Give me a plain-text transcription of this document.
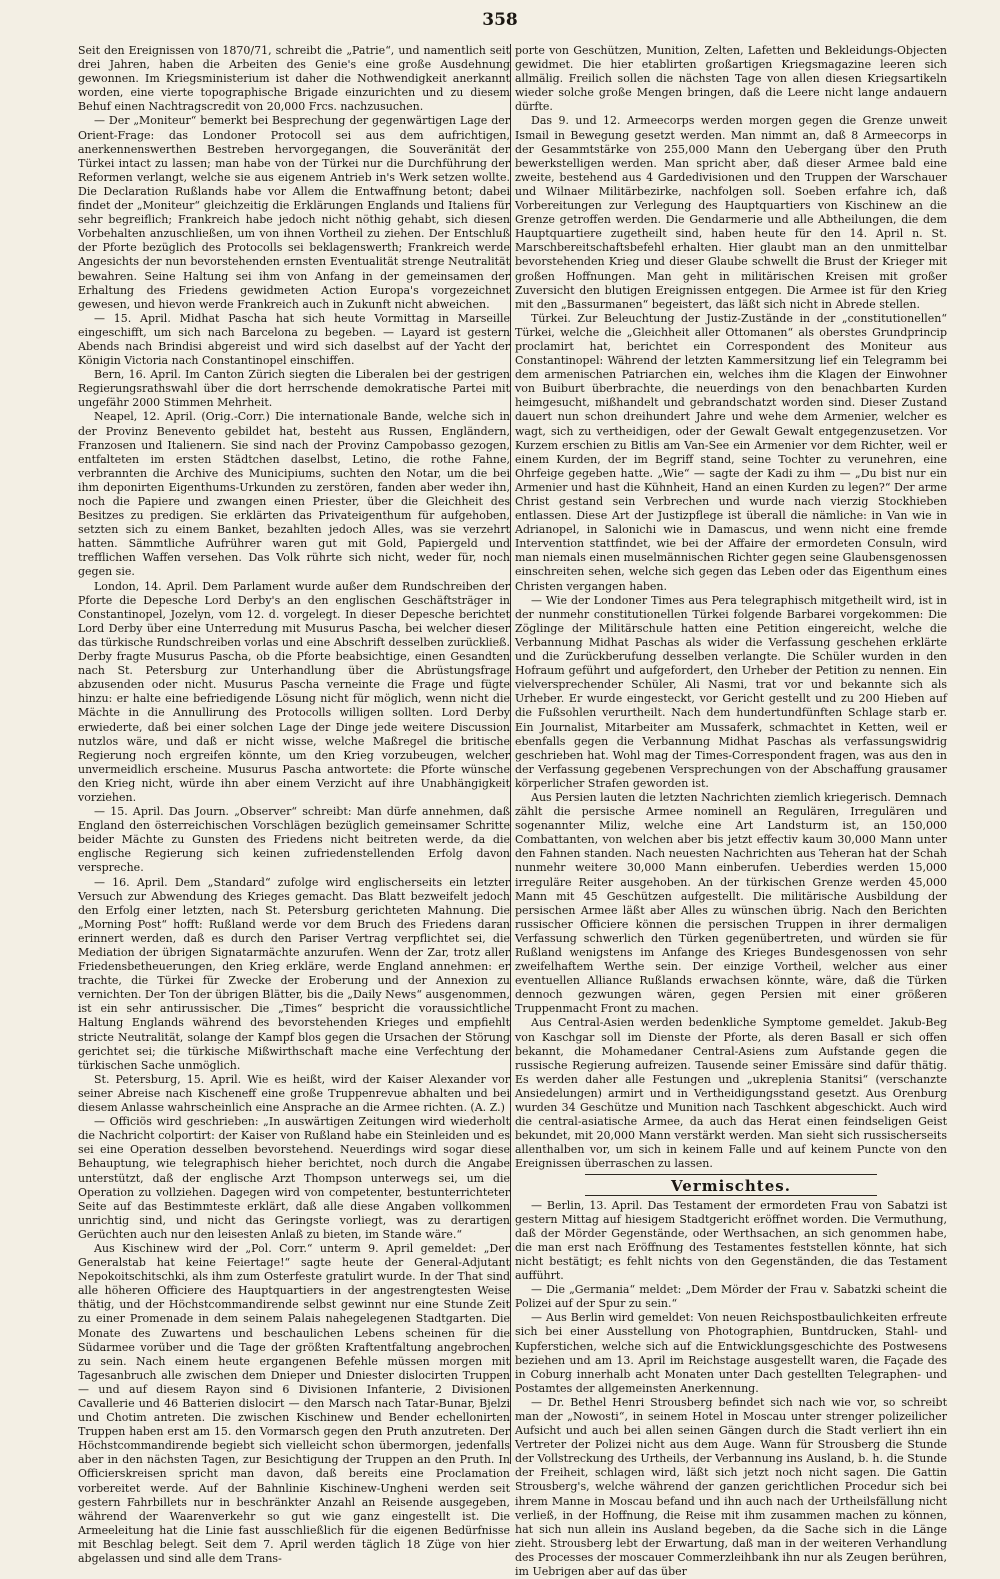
358

Seit den Ereignissen von 1870/71, schreibt die „Patrie“, und namentlich seit drei Jahren, haben die Arbeiten des Genie's eine große Ausdehnung gewonnen. Im Kriegsministerium ist daher die Nothwendigkeit anerkannt worden, eine vierte topographische Brigade einzurichten und zu diesem Behuf einen Nachtragscredit von 20,000 Frcs. nachzusuchen.

— Der „Moniteur“ bemerkt bei Besprechung der gegenwärtigen Lage der Orient-Frage: das Londoner Protocoll sei aus dem aufrichtigen, anerkennenswerthen Bestreben hervorgegangen, die Souveränität der Türkei intact zu lassen; man habe von der Türkei nur die Durchführung der Reformen verlangt, welche sie aus eigenem Antrieb in's Werk setzen wollte. Die Declaration Rußlands habe vor Allem die Entwaffnung betont; dabei findet der „Moniteur“ gleichzeitig die Erklärungen Englands und Italiens für sehr begreiflich; Frankreich habe jedoch nicht nöthig gehabt, sich diesen Vorbehalten anzuschließen, um von ihnen Vortheil zu ziehen. Der Entschluß der Pforte bezüglich des Protocolls sei beklagenswerth; Frankreich werde Angesichts der nun bevorstehenden ernsten Eventualität strenge Neutralität bewahren. Seine Haltung sei ihm von Anfang in der gemeinsamen der Erhaltung des Friedens gewidmeten Action Europa's vorgezeichnet gewesen, und hievon werde Frankreich auch in Zukunft nicht abweichen.

— 15. April. Midhat Pascha hat sich heute Vormittag in Marseille eingeschifft, um sich nach Barcelona zu begeben. — Layard ist gestern Abends nach Brindisi abgereist und wird sich daselbst auf der Yacht der Königin Victoria nach Constantinopel einschiffen.

Bern, 16. April. Im Canton Zürich siegten die Liberalen bei der gestrigen Regierungsrathswahl über die dort herrschende demokratische Partei mit ungefähr 2000 Stimmen Mehrheit.

Neapel, 12. April. (Orig.-Corr.) Die internationale Bande, welche sich in der Provinz Benevento gebildet hat, besteht aus Russen, Engländern, Franzosen und Italienern. Sie sind nach der Provinz Campobasso gezogen, entfalteten im ersten Städtchen daselbst, Letino, die rothe Fahne, verbrannten die Archive des Municipiums, suchten den Notar, um die bei ihm deponirten Eigenthums-Urkunden zu zerstören, fanden aber weder ihn, noch die Papiere und zwangen einen Priester, über die Gleichheit des Besitzes zu predigen. Sie erklärten das Privateigenthum für aufgehoben, setzten sich zu einem Banket, bezahlten jedoch Alles, was sie verzehrt hatten. Sämmtliche Aufrührer waren gut mit Gold, Papiergeld und trefflichen Waffen versehen. Das Volk rührte sich nicht, weder für, noch gegen sie.

London, 14. April. Dem Parlament wurde außer dem Rundschreiben der Pforte die Depesche Lord Derby's an den englischen Geschäftsträger in Constantinopel, Jozelyn, vom 12. d. vorgelegt. In dieser Depesche berichtet Lord Derby über eine Unterredung mit Musurus Pascha, bei welcher dieser das türkische Rundschreiben vorlas und eine Abschrift desselben zurückließ. Derby fragte Musurus Pascha, ob die Pforte beabsichtige, einen Gesandten nach St. Petersburg zur Unterhandlung über die Abrüstungsfrage abzusenden oder nicht. Musurus Pascha verneinte die Frage und fügte hinzu: er halte eine befriedigende Lösung nicht für möglich, wenn nicht die Mächte in die Annullirung des Protocolls willigen sollten. Lord Derby erwiederte, daß bei einer solchen Lage der Dinge jede weitere Discussion nutzlos wäre, und daß er nicht wisse, welche Maßregel die britische Regierung noch ergreifen könnte, um den Krieg vorzubeugen, welcher unvermeidlich erscheine. Musurus Pascha antwortete: die Pforte wünsche den Krieg nicht, würde ihn aber einem Verzicht auf ihre Unabhängigkeit vorziehen.

— 15. April. Das Journ. „Observer“ schreibt: Man dürfe annehmen, daß England den österreichischen Vorschlägen bezüglich gemeinsamer Schritte beider Mächte zu Gunsten des Friedens nicht beitreten werde, da die englische Regierung sich keinen zufriedenstellenden Erfolg davon verspreche.

— 16. April. Dem „Standard“ zufolge wird englischerseits ein letzter Versuch zur Abwendung des Krieges gemacht. Das Blatt bezweifelt jedoch den Erfolg einer letzten, nach St. Petersburg gerichteten Mahnung. Die „Morning Post“ hofft: Rußland werde vor dem Bruch des Friedens daran erinnert werden, daß es durch den Pariser Vertrag verpflichtet sei, die Mediation der übrigen Signatarmächte anzurufen. Wenn der Zar, trotz aller Friedensbetheuerungen, den Krieg erkläre, werde England annehmen: er trachte, die Türkei für Zwecke der Eroberung und der Annexion zu vernichten. Der Ton der übrigen Blätter, bis die „Daily News“ ausgenommen, ist ein sehr antirussischer. Die „Times“ bespricht die voraussichtliche Haltung Englands während des bevorstehenden Krieges und empfiehlt stricte Neutralität, solange der Kampf blos gegen die Ursachen der Störung gerichtet sei; die türkische Mißwirthschaft mache eine Verfechtung der türkischen Sache unmöglich.

St. Petersburg, 15. April. Wie es heißt, wird der Kaiser Alexander vor seiner Abreise nach Kischeneff eine große Truppenrevue abhalten und bei diesem Anlasse wahrscheinlich eine Ansprache an die Armee richten. (A. Z.)

— Officiös wird geschrieben: „In auswärtigen Zeitungen wird wiederholt die Nachricht colportirt: der Kaiser von Rußland habe ein Steinleiden und es sei eine Operation desselben bevorstehend. Neuerdings wird sogar diese Behauptung, wie telegraphisch hieher berichtet, noch durch die Angabe unterstützt, daß der englische Arzt Thompson unterwegs sei, um die Operation zu vollziehen. Dagegen wird von competenter, bestunterrichteter Seite auf das Bestimmteste erklärt, daß alle diese Angaben vollkommen unrichtig sind, und nicht das Geringste vorliegt, was zu derartigen Gerüchten auch nur den leisesten Anlaß zu bieten, im Stande wäre.“

Aus Kischinew wird der „Pol. Corr.“ unterm 9. April gemeldet: „Der Generalstab hat keine Feiertage!“ sagte heute der General-Adjutant Nepokoitschitschki, als ihm zum Osterfeste gratulirt wurde. In der That sind alle höheren Officiere des Hauptquartiers in der angestrengtesten Weise thätig, und der Höchstcommandirende selbst gewinnt nur eine Stunde Zeit zu einer Promenade in dem seinem Palais nahegelegenen Stadtgarten. Die Monate des Zuwartens und beschaulichen Lebens scheinen für die Südarmee vorüber und die Tage der größten Kraftentfaltung angebrochen zu sein. Nach einem heute ergangenen Befehle müssen morgen mit Tagesanbruch alle zwischen dem Dnieper und Dniester dislocirten Truppen — und auf diesem Rayon sind 6 Divisionen Infanterie, 2 Divisionen Cavallerie und 46 Batterien dislocirt — den Marsch nach Tatar-Bunar, Bjelzi und Chotim antreten. Die zwischen Kischinew und Bender echellonirten Truppen haben erst am 15. den Vormarsch gegen den Pruth anzutreten. Der Höchstcommandirende begiebt sich vielleicht schon übermorgen, jedenfalls aber in den nächsten Tagen, zur Besichtigung der Truppen an den Pruth. In Officierskreisen spricht man davon, daß bereits eine Proclamation vorbereitet werde. Auf der Bahnlinie Kischinew-Ungheni werden seit gestern Fahrbillets nur in beschränkter Anzahl an Reisende ausgegeben, während der Waarenverkehr so gut wie ganz eingestellt ist. Die Armeeleitung hat die Linie fast ausschließlich für die eigenen Bedürfnisse mit Beschlag belegt. Seit dem 7. April werden täglich 18 Züge von hier abgelassen und sind alle dem Trans-

porte von Geschützen, Munition, Zelten, Lafetten und Bekleidungs-Objecten gewidmet. Die hier etablirten großartigen Kriegsmagazine leeren sich allmälig. Freilich sollen die nächsten Tage von allen diesen Kriegsartikeln wieder solche große Mengen bringen, daß die Leere nicht lange andauern dürfte.

Das 9. und 12. Armeecorps werden morgen gegen die Grenze unweit Ismail in Bewegung gesetzt werden. Man nimmt an, daß 8 Armeecorps in der Gesammtstärke von 255,000 Mann den Uebergang über den Pruth bewerkstelligen werden. Man spricht aber, daß dieser Armee bald eine zweite, bestehend aus 4 Gardedivisionen und den Truppen der Warschauer und Wilnaer Militärbezirke, nachfolgen soll. Soeben erfahre ich, daß Vorbereitungen zur Verlegung des Hauptquartiers von Kischinew an die Grenze getroffen werden. Die Gendarmerie und alle Abtheilungen, die dem Hauptquartiere zugetheilt sind, haben heute für den 14. April n. St. Marschbereitschaftsbefehl erhalten. Hier glaubt man an den unmittelbar bevorstehenden Krieg und dieser Glaube schwellt die Brust der Krieger mit großen Hoffnungen. Man geht in militärischen Kreisen mit großer Zuversicht den blutigen Ereignissen entgegen. Die Armee ist für den Krieg mit den „Bassurmanen“ begeistert, das läßt sich nicht in Abrede stellen.

Türkei. Zur Beleuchtung der Justiz-Zustände in der „constitutionellen“ Türkei, welche die „Gleichheit aller Ottomanen“ als oberstes Grundprincip proclamirt hat, berichtet ein Correspondent des Moniteur aus Constantinopel: Während der letzten Kammersitzung lief ein Telegramm bei dem armenischen Patriarchen ein, welches ihm die Klagen der Einwohner von Buiburt überbrachte, die neuerdings von den benachbarten Kurden heimgesucht, mißhandelt und gebrandschatzt worden sind. Dieser Zustand dauert nun schon dreihundert Jahre und wehe dem Armenier, welcher es wagt, sich zu vertheidigen, oder der Gewalt Gewalt entgegenzusetzen. Vor Kurzem erschien zu Bitlis am Van-See ein Armenier vor dem Richter, weil er einem Kurden, der im Begriff stand, seine Tochter zu verunehren, eine Ohrfeige gegeben hatte. „Wie“ — sagte der Kadi zu ihm — „Du bist nur ein Armenier und hast die Kühnheit, Hand an einen Kurden zu legen?“ Der arme Christ gestand sein Verbrechen und wurde nach vierzig Stockhieben entlassen. Diese Art der Justizpflege ist überall die nämliche: in Van wie in Adrianopel, in Salonichi wie in Damascus, und wenn nicht eine fremde Intervention stattfindet, wie bei der Affaire der ermordeten Consuln, wird man niemals einen muselmännischen Richter gegen seine Glaubensgenossen einschreiten sehen, welche sich gegen das Leben oder das Eigenthum eines Christen vergangen haben.

— Wie der Londoner Times aus Pera telegraphisch mitgetheilt wird, ist in der nunmehr constitutionellen Türkei folgende Barbarei vorgekommen: Die Zöglinge der Militärschule hatten eine Petition eingereicht, welche die Verbannung Midhat Paschas als wider die Verfassung geschehen erklärte und die Zurückberufung desselben verlangte. Die Schüler wurden in den Hofraum geführt und aufgefordert, den Urheber der Petition zu nennen. Ein vielversprechender Schüler, Ali Nasmi, trat vor und bekannte sich als Urheber. Er wurde eingesteckt, vor Gericht gestellt und zu 200 Hieben auf die Fußsohlen verurtheilt. Nach dem hundertundfünften Schlage starb er. Ein Journalist, Mitarbeiter am Mussaferk, schmachtet in Ketten, weil er ebenfalls gegen die Verbannung Midhat Paschas als verfassungswidrig geschrieben hat. Wohl mag der Times-Correspondent fragen, was aus den in der Verfassung gegebenen Versprechungen von der Abschaffung grausamer körperlicher Strafen geworden ist.

Aus Persien lauten die letzten Nachrichten ziemlich kriegerisch. Demnach zählt die persische Armee nominell an Regulären, Irregulären und sogenannter Miliz, welche eine Art Landsturm ist, an 150,000 Combattanten, von welchen aber bis jetzt effectiv kaum 30,000 Mann unter den Fahnen standen. Nach neuesten Nachrichten aus Teheran hat der Schah nunmehr weitere 30,000 Mann einberufen. Ueberdies werden 15,000 irreguläre Reiter ausgehoben. An der türkischen Grenze werden 45,000 Mann mit 45 Geschützen aufgestellt. Die militärische Ausbildung der persischen Armee läßt aber Alles zu wünschen übrig. Nach den Berichten russischer Officiere können die persischen Truppen in ihrer dermaligen Verfassung schwerlich den Türken gegenübertreten, und würden sie für Rußland wenigstens im Anfange des Krieges Bundesgenossen von sehr zweifelhaftem Werthe sein. Der einzige Vortheil, welcher aus einer eventuellen Alliance Rußlands erwachsen könnte, wäre, daß die Türken dennoch gezwungen wären, gegen Persien mit einer größeren Truppenmacht Front zu machen.

Aus Central-Asien werden bedenkliche Symptome gemeldet. Jakub-Beg von Kaschgar soll im Dienste der Pforte, als deren Basall er sich offen bekannt, die Mohamedaner Central-Asiens zum Aufstande gegen die russische Regierung aufreizen. Tausende seiner Emissäre sind dafür thätig. Es werden daher alle Festungen und „ukreplenia Stanitsi“ (verschanzte Ansiedelungen) armirt und in Vertheidigungsstand gesetzt. Aus Orenburg wurden 34 Geschütze und Munition nach Taschkent abgeschickt. Auch wird die central-asiatische Armee, da auch das Herat einen feindseligen Geist bekundet, mit 20,000 Mann verstärkt werden. Man sieht sich russischerseits allenthalben vor, um sich in keinem Falle und auf keinem Puncte von den Ereignissen überraschen zu lassen.

Vermischtes.

— Berlin, 13. April. Das Testament der ermordeten Frau von Sabatzi ist gestern Mittag auf hiesigem Stadtgericht eröffnet worden. Die Vermuthung, daß der Mörder Gegenstände, oder Werthsachen, an sich genommen habe, die man erst nach Eröffnung des Testamentes feststellen könnte, hat sich nicht bestätigt; es fehlt nichts von den Gegenständen, die das Testament aufführt.

— Die „Germania“ meldet: „Dem Mörder der Frau v. Sabatzki scheint die Polizei auf der Spur zu sein.“

— Aus Berlin wird gemeldet: Von neuen Reichspostbaulichkeiten erfreute sich bei einer Ausstellung von Photographien, Buntdrucken, Stahl- und Kupferstichen, welche sich auf die Entwicklungsgeschichte des Postwesens beziehen und am 13. April im Reichstage ausgestellt waren, die Façade des in Coburg innerhalb acht Monaten unter Dach gestellten Telegraphen- und Postamtes der allgemeinsten Anerkennung.

— Dr. Bethel Henri Strousberg befindet sich nach wie vor, so schreibt man der „Nowosti“, in seinem Hotel in Moscau unter strenger polizeilicher Aufsicht und auch bei allen seinen Gängen durch die Stadt verliert ihn ein Vertreter der Polizei nicht aus dem Auge. Wann für Strousberg die Stunde der Vollstreckung des Urtheils, der Verbannung ins Ausland, b. h. die Stunde der Freiheit, schlagen wird, läßt sich jetzt noch nicht sagen. Die Gattin Strousberg's, welche während der ganzen gerichtlichen Procedur sich bei ihrem Manne in Moscau befand und ihn auch nach der Urtheilsfällung nicht verließ, in der Hoffnung, die Reise mit ihm zusammen machen zu können, hat sich nun allein ins Ausland begeben, da die Sache sich in die Länge zieht. Strousberg lebt der Erwartung, daß man in der weiteren Verhandlung des Processes der moscauer Commerzleihbank ihn nur als Zeugen berühren, im Uebrigen aber auf das über
